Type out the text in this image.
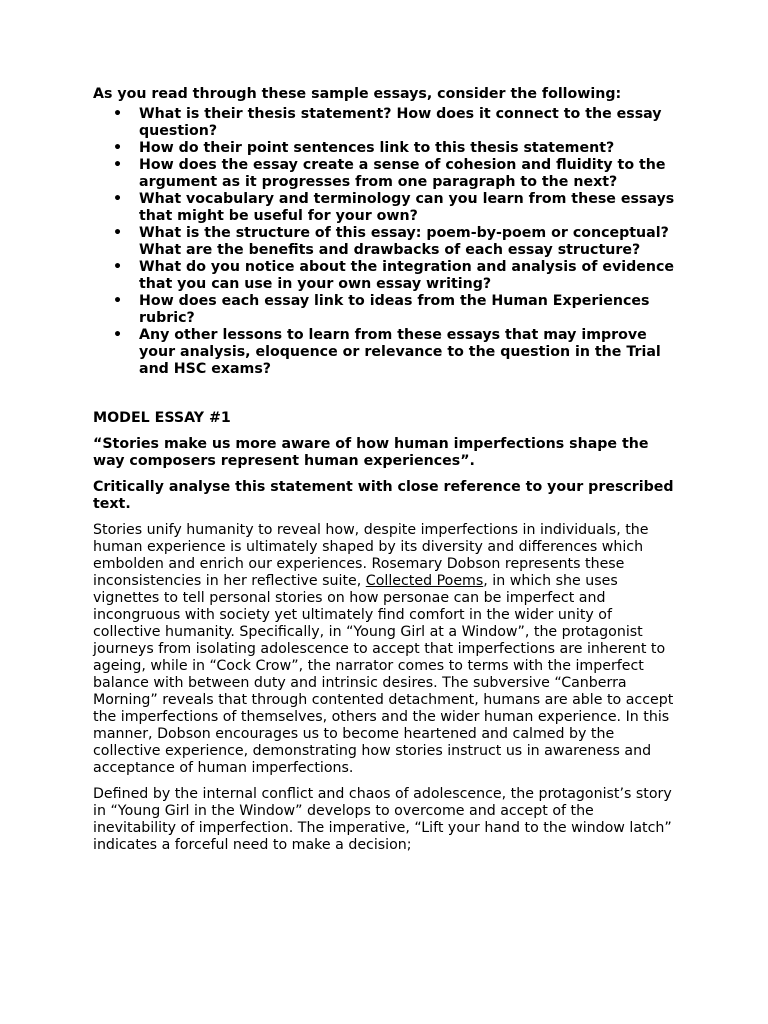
As you read through these sample essays, consider the following:

• What is their thesis statement? How does it connect to the essay question?
• How do their point sentences link to this thesis statement?
• How does the essay create a sense of cohesion and fluidity to the argument as it progresses from one paragraph to the next?
• What vocabulary and terminology can you learn from these essays that might be useful for your own?
• What is the structure of this essay: poem-by-poem or conceptual? What are the benefits and drawbacks of each essay structure?
• What do you notice about the integration and analysis of evidence that you can use in your own essay writing?
• How does each essay link to ideas from the Human Experiences rubric?
• Any other lessons to learn from these essays that may improve your analysis, eloquence or relevance to the question in the Trial and HSC exams?

MODEL ESSAY #1

“Stories make us more aware of how human imperfections shape the way composers represent human experiences”.

Critically analyse this statement with close reference to your prescribed text.

Stories unify humanity to reveal how, despite imperfections in individuals, the human experience is ultimately shaped by its diversity and differences which embolden and enrich our experiences. Rosemary Dobson represents these inconsistencies in her reflective suite, Collected Poems, in which she uses vignettes to tell personal stories on how personae can be imperfect and incongruous with society yet ultimately find comfort in the wider unity of collective humanity. Specifically, in “Young Girl at a Window”, the protagonist journeys from isolating adolescence to accept that imperfections are inherent to ageing, while in “Cock Crow”, the narrator comes to terms with the imperfect balance with between duty and intrinsic desires. The subversive “Canberra Morning” reveals that through contented detachment, humans are able to accept the imperfections of themselves, others and the wider human experience. In this manner, Dobson encourages us to become heartened and calmed by the collective experience, demonstrating how stories instruct us in awareness and acceptance of human imperfections.

Defined by the internal conflict and chaos of adolescence, the protagonist’s story in “Young Girl in the Window” develops to overcome and accept of the inevitability of imperfection. The imperative, “Lift your hand to the window latch” indicates a forceful need to make a decision;
